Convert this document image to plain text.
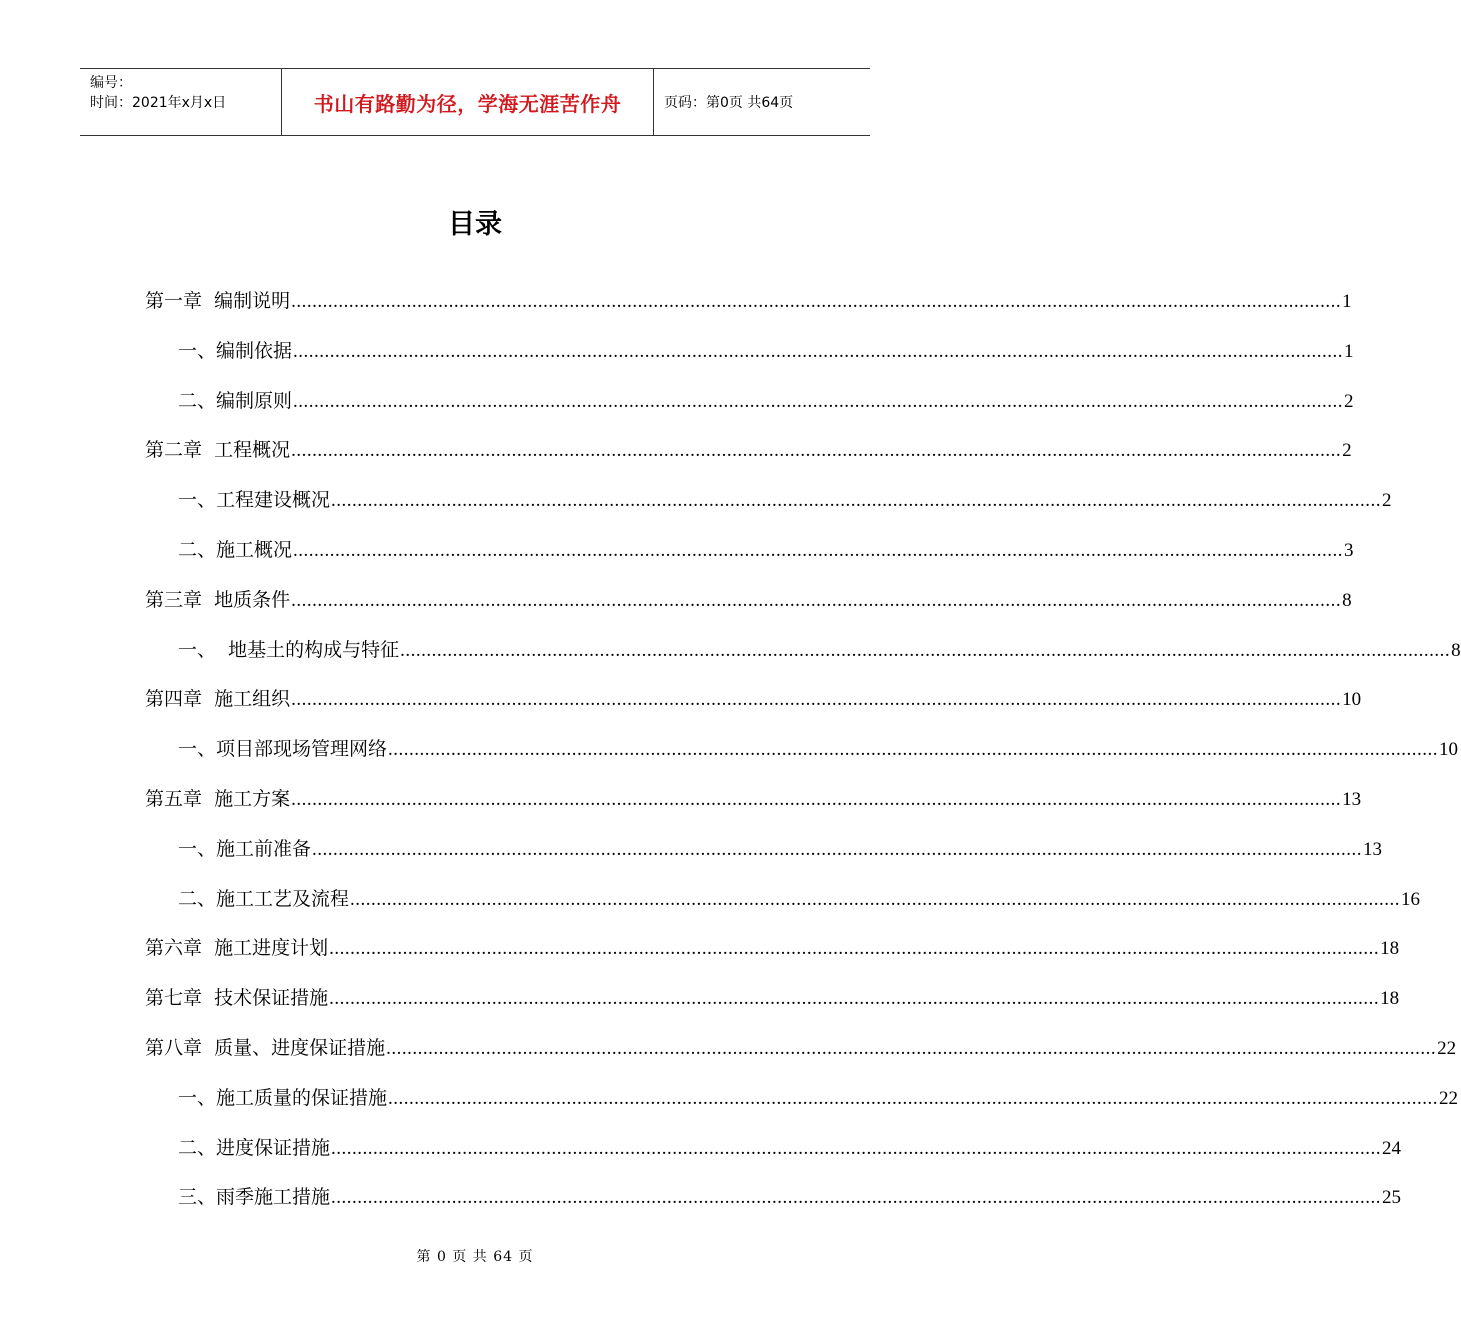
编号：
时间：2021年x月x日	书山有路勤为径，学海无涯苦作舟	页码：第0页 共64页
目录
第一章  编制说明 ........................................................................................................................................................................................................ 1
一、编制依据 ........................................................................................................................................................................................................ 1
二、编制原则 ........................................................................................................................................................................................................ 2
第二章  工程概况 ........................................................................................................................................................................................................ 2
一、工程建设概况 ........................................................................................................................................................................................................ 2
二、施工概况 ........................................................................................................................................................................................................ 3
第三章  地质条件 ........................................................................................................................................................................................................ 8
一、  地基土的构成与特征 ........................................................................................................................................................................................................ 8
第四章  施工组织 ........................................................................................................................................................................................................ 10
一、项目部现场管理网络 ........................................................................................................................................................................................................ 10
第五章  施工方案 ........................................................................................................................................................................................................ 13
一、施工前准备 ........................................................................................................................................................................................................ 13
二、施工工艺及流程 ........................................................................................................................................................................................................ 16
第六章  施工进度计划 ........................................................................................................................................................................................................ 18
第七章  技术保证措施 ........................................................................................................................................................................................................ 18
第八章  质量、进度保证措施 ........................................................................................................................................................................................................ 22
一、施工质量的保证措施 ........................................................................................................................................................................................................ 22
二、进度保证措施 ........................................................................................................................................................................................................ 24
三、雨季施工措施 ........................................................................................................................................................................................................ 25
第 0 页 共 64 页
